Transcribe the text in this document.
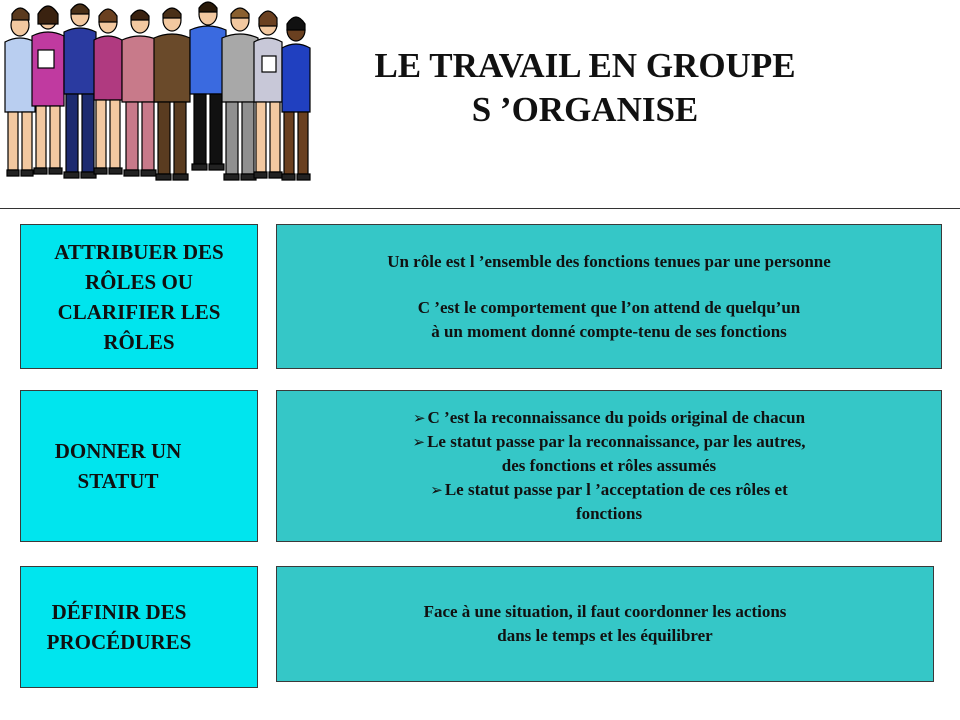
LE TRAVAIL EN GROUPE
S ’ORGANISE
ATTRIBUER DES
RÔLES OU
CLARIFIER LES
RÔLES
Un rôle est l ’ensemble des fonctions tenues par une personne
C ’est le comportement que l’on attend de quelqu’un
à un moment donné compte-tenu de ses fonctions
DONNER UN
STATUT
➢ C ’est la reconnaissance du poids original de chacun
➢ Le statut passe par la reconnaissance, par les autres,
des fonctions et rôles assumés
➢ Le statut passe par l ’acceptation de ces rôles et
fonctions
DÉFINIR DES
PROCÉDURES
Face à une situation, il faut coordonner les actions
dans le temps et les équilibrer
